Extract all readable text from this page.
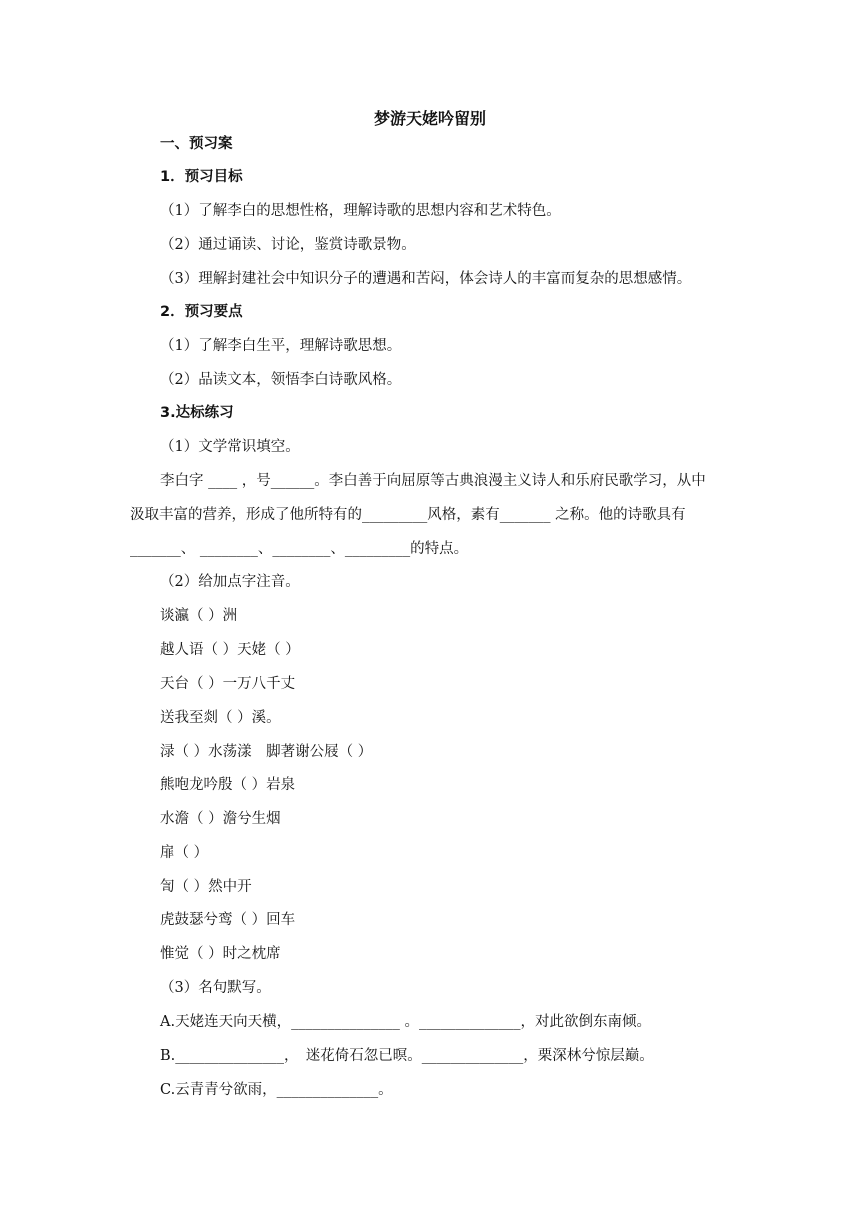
梦游天姥吟留别
一、预习案
1．预习目标
（1）了解李白的思想性格，理解诗歌的思想内容和艺术特色。
（2）通过诵读、讨论，鉴赏诗歌景物。
（3）理解封建社会中知识分子的遭遇和苦闷，体会诗人的丰富而复杂的思想感情。
2．预习要点
（1）了解李白生平，理解诗歌思想。
（2）品读文本，领悟李白诗歌风格。
3.达标练习
（1）文学常识填空。
李白字 ____ ，号______。李白善于向屈原等古典浪漫主义诗人和乐府民歌学习，从中
汲取丰富的营养，形成了他所特有的_________风格，素有_______ 之称。他的诗歌具有
_______、 ________、________、_________的特点。
（2）给加点字注音。
谈瀛（ ）洲
越人语（ ）天姥（ ）
天台（ ）一万八千丈
送我至剡（ ）溪。
渌（ ）水荡漾　脚著谢公屐（ ）
熊咆龙吟殷（ ）岩泉
水澹（ ）澹兮生烟
扉（ ）
訇（ ）然中开
虎鼓瑟兮鸾（ ）回车
惟觉（ ）时之枕席
（3）名句默写。
A.天姥连天向天横，_______________ 。______________，对此欲倒东南倾。
B._______________，　迷花倚石忽已暝。______________，栗深林兮惊层巅。
C.云青青兮欲雨，______________。
